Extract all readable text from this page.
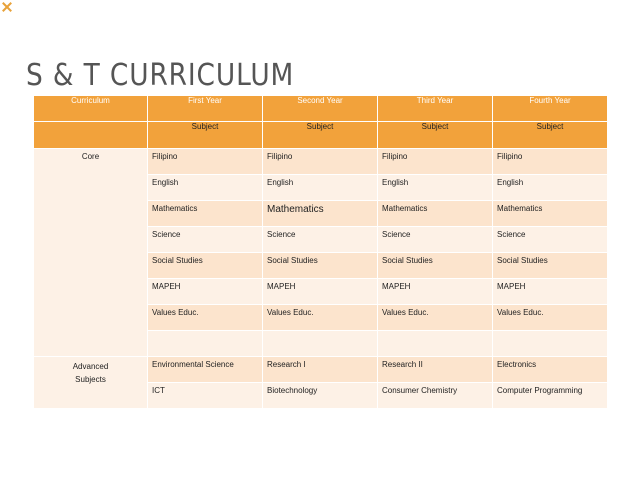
S & T CURRICULUM
Curriculum	First Year	Second Year	Third Year	Fourth Year
	Subject	Subject	Subject	Subject
Core	Filipino	Filipino	Filipino	Filipino
	English	English	English	English
	Mathematics	Mathematics	Mathematics	Mathematics
	Science	Science	Science	Science
	Social Studies	Social Studies	Social Studies	Social Studies
	MAPEH	MAPEH	MAPEH	MAPEH
	Values Educ.	Values Educ.	Values Educ.	Values Educ.

Advanced
Subjects	Environmental Science	Research I	Research II	Electronics
	ICT	Biotechnology	Consumer Chemistry	Computer Programming
